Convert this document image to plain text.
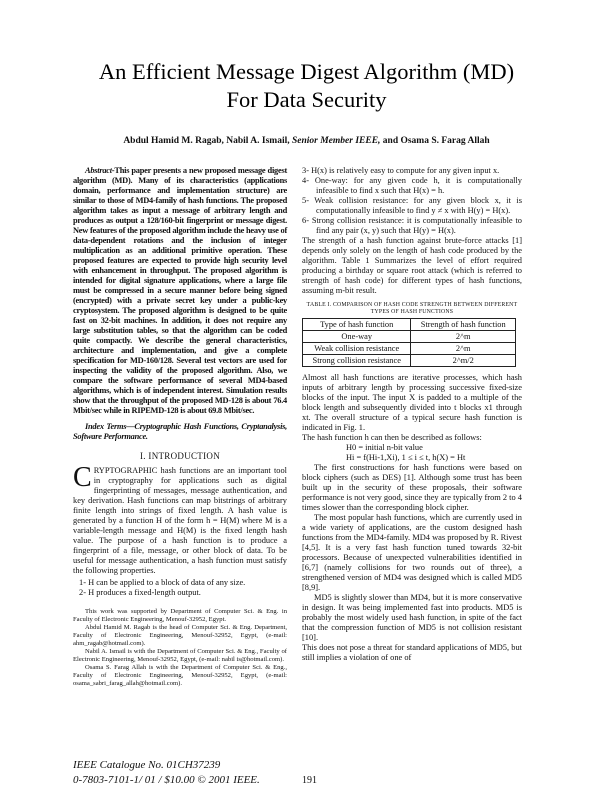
An Efficient Message Digest Algorithm (MD)
For Data Security
Abdul Hamid M. Ragab, Nabil A. Ismail, Senior Member IEEE, and Osama S. Farag Allah

Abstract-This paper presents a new proposed message digest algorithm (MD). Many of its characteristics (applications domain, performance and implementation structure) are similar to those of MD4-family of hash functions. The proposed algorithm takes as input a message of arbitrary length and produces as output a 128/160-bit fingerprint or message digest. New features of the proposed algorithm include the heavy use of data-dependent rotations and the inclusion of integer multiplication as an additional primitive operation. These proposed features are expected to provide high security level with enhancement in throughput. The proposed algorithm is intended for digital signature applications, where a large file must be compressed in a secure manner before being signed (encrypted) with a private secret key under a public-key cryptosystem. The proposed algorithm is designed to be quite fast on 32-bit machines. In addition, it does not require any large substitution tables, so that the algorithm can be coded quite compactly. We describe the general characteristics, architecture and implementation, and give a complete specification for MD-160/128. Several test vectors are used for inspecting the validity of the proposed algorithm. Also, we compare the software performance of several MD4-based algorithms, which is of independent interest. Simulation results show that the throughput of the proposed MD-128 is about 76.4 Mbit/sec while in RIPEMD-128 is about 69.8 Mbit/sec.

Index Terms—Cryptographic Hash Functions, Cryptanalysis, Software Performance.

I. INTRODUCTION

CRYPTOGRAPHIC hash functions are an important tool in cryptography for applications such as digital fingerprinting of messages, message authentication, and key derivation. Hash functions can map bitstrings of arbitrary finite length into strings of fixed length. A hash value is generated by a function H of the form h = H(M) where M is a variable-length message and H(M) is the fixed length hash value. The purpose of a hash function is to produce a fingerprint of a file, message, or other block of data. To be useful for message authentication, a hash function must satisfy the following properties.

1- H can be applied to a block of data of any size.

2- H produces a fixed-length output.

This work was supported by Department of Computer Sci. & Eng. in Faculty of Electronic Engineering, Menouf-32952, Egypt.

Abdul Hamid M. Ragab is the head of Computer Sci. & Eng. Department, Faculty of Electronic Engineering, Menouf-32952, Egypt, (e-mail: ahm_ragab@hotmail.com).

Nabil A. Ismail is with the Department of Computer Sci. & Eng., Faculty of Electronic Engineering, Menouf-32952, Egypt, (e-mail: nabil is@hotmail.com).

Osama S. Farag Allah is with the Department of Computer Sci. & Eng., Faculty of Electronic Engineering, Menouf-32952, Egypt, (e-mail: osama_sabri_farag_allah@hotmail.com).

IEEE Catalogue No. 01CH37239
0-7803-7101-1/ 01 / $10.00 © 2001 IEEE.

3- H(x) is relatively easy to compute for any given input x.

4- One-way: for any given code h, it is computationally infeasible to find x such that H(x) = h.

5- Weak collision resistance: for any given block x, it is computationally infeasible to find y ≠ x with H(y) = H(x).

6- Strong collision resistance: it is computationally infeasible to find any pair (x, y) such that H(y) = H(x).

The strength of a hash function against brute-force attacks [1] depends only solely on the length of hash code produced by the algorithm. Table 1 Summarizes the level of effort required producing a birthday or square root attack (which is referred to strength of hash code) for different types of hash functions, assuming m-bit result.

TABLE I. COMPARISON OF HASH CODE STRENGTH BETWEEN DIFFERENT TYPES OF HASH FUNCTIONS
Type of hash function	Strength of hash function
One-way	2^m
Weak collision resistance	2^m
Strong collision resistance	2^m/2

Almost all hash functions are iterative processes, which hash inputs of arbitrary length by processing successive fixed-size blocks of the input. The input X is padded to a multiple of the block length and subsequently divided into t blocks x1 through xt. The overall structure of a typical secure hash function is indicated in Fig. 1.

The hash function h can then be described as follows:

H0 = initial n-bit value

Hi = f(Hi-1,Xi), 1 ≤ i ≤ t, h(X) = Ht

The first constructions for hash functions were based on block ciphers (such as DES) [1]. Although some trust has been built up in the security of these proposals, their software performance is not very good, since they are typically from 2 to 4 times slower than the corresponding block cipher.

The most popular hash functions, which are currently used in a wide variety of applications, are the custom designed hash functions from the MD4-family. MD4 was proposed by R. Rivest [4,5]. It is a very fast hash function tuned towards 32-bit processors. Because of unexpected vulnerabilities identified in [6,7] (namely collisions for two rounds out of three), a strengthened version of MD4 was designed which is called MD5 [8,9].

MD5 is slightly slower than MD4, but it is more conservative in design. It was being implemented fast into products. MD5 is probably the most widely used hash function, in spite of the fact that the compression function of MD5 is not collision resistant [10].

This does not pose a threat for standard applications of MD5, but still implies a violation of one of

191
